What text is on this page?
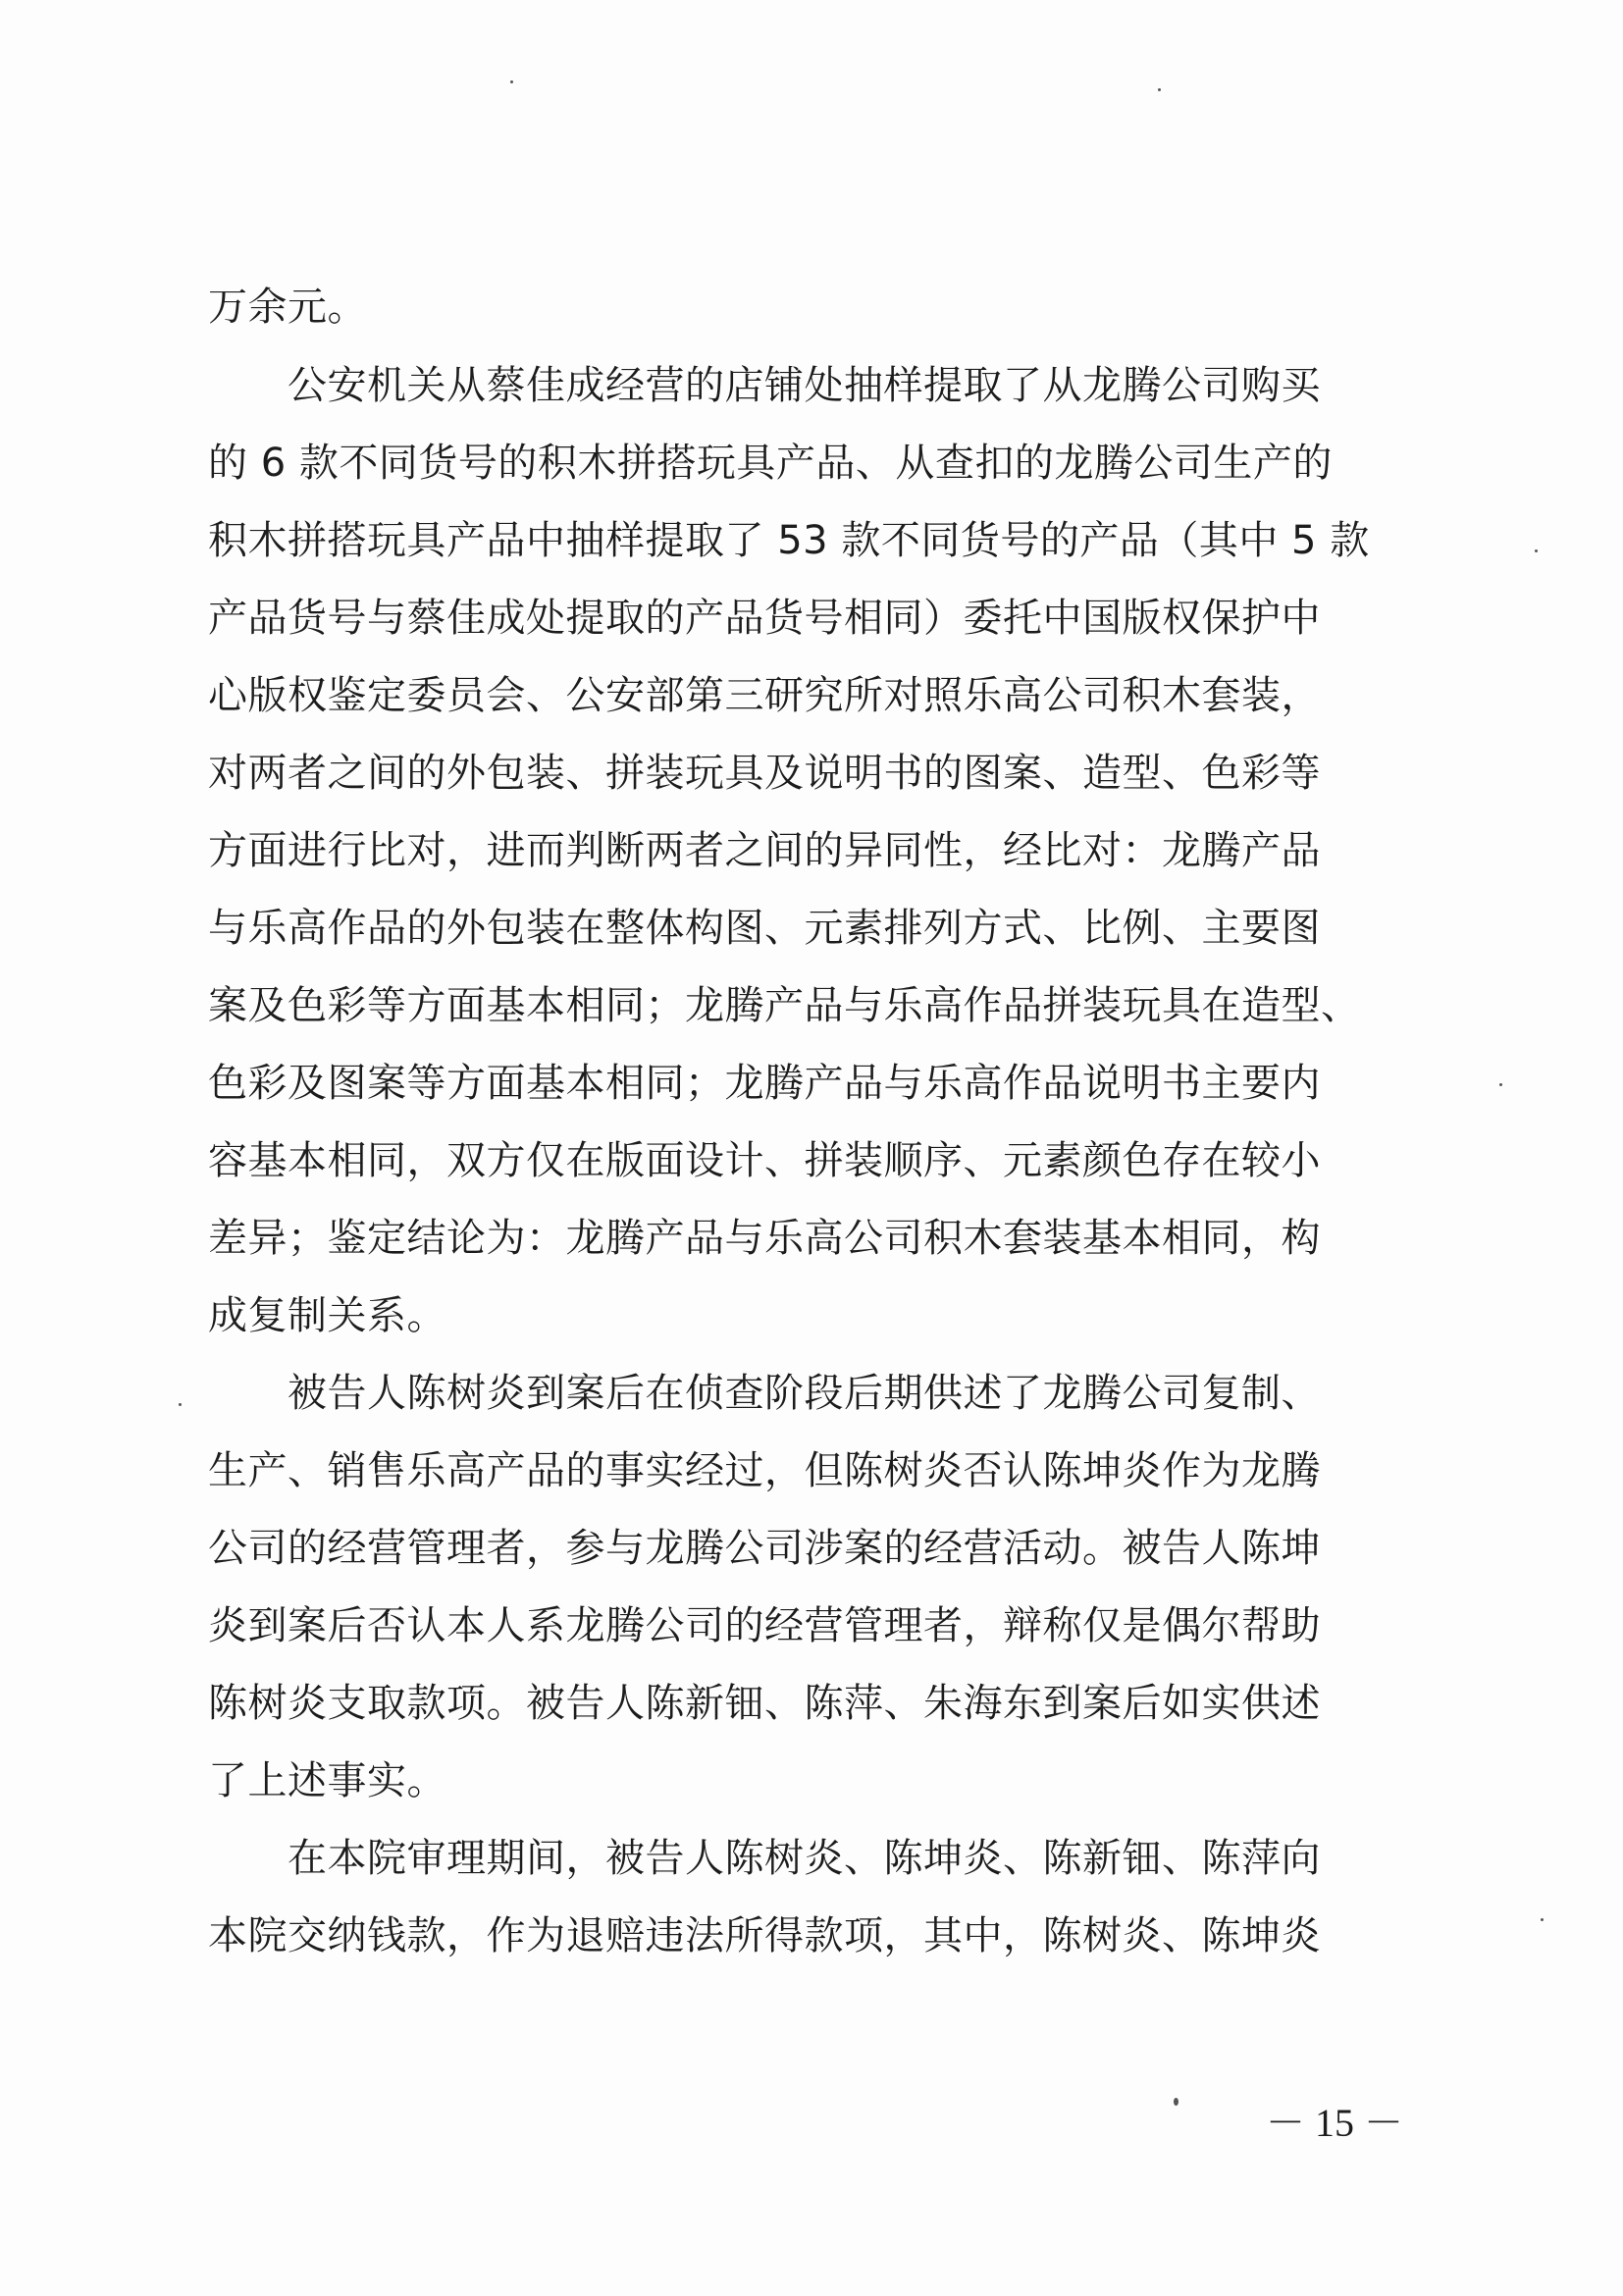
万余元。
　　公安机关从蔡佳成经营的店铺处抽样提取了从龙腾公司购买
的 6 款不同货号的积木拼搭玩具产品、从查扣的龙腾公司生产的
积木拼搭玩具产品中抽样提取了 53 款不同货号的产品（其中 5 款
产品货号与蔡佳成处提取的产品货号相同）委托中国版权保护中
心版权鉴定委员会、公安部第三研究所对照乐高公司积木套装，
对两者之间的外包装、拼装玩具及说明书的图案、造型、色彩等
方面进行比对，进而判断两者之间的异同性，经比对：龙腾产品
与乐高作品的外包装在整体构图、元素排列方式、比例、主要图
案及色彩等方面基本相同；龙腾产品与乐高作品拼装玩具在造型、
色彩及图案等方面基本相同；龙腾产品与乐高作品说明书主要内
容基本相同，双方仅在版面设计、拼装顺序、元素颜色存在较小
差异；鉴定结论为：龙腾产品与乐高公司积木套装基本相同，构
成复制关系。
　　被告人陈树炎到案后在侦查阶段后期供述了龙腾公司复制、
生产、销售乐高产品的事实经过，但陈树炎否认陈坤炎作为龙腾
公司的经营管理者，参与龙腾公司涉案的经营活动。被告人陈坤
炎到案后否认本人系龙腾公司的经营管理者，辩称仅是偶尔帮助
陈树炎支取款项。被告人陈新钿、陈萍、朱海东到案后如实供述
了上述事实。
　　在本院审理期间，被告人陈树炎、陈坤炎、陈新钿、陈萍向
本院交纳钱款，作为退赔违法所得款项，其中，陈树炎、陈坤炎
－ 15 －
